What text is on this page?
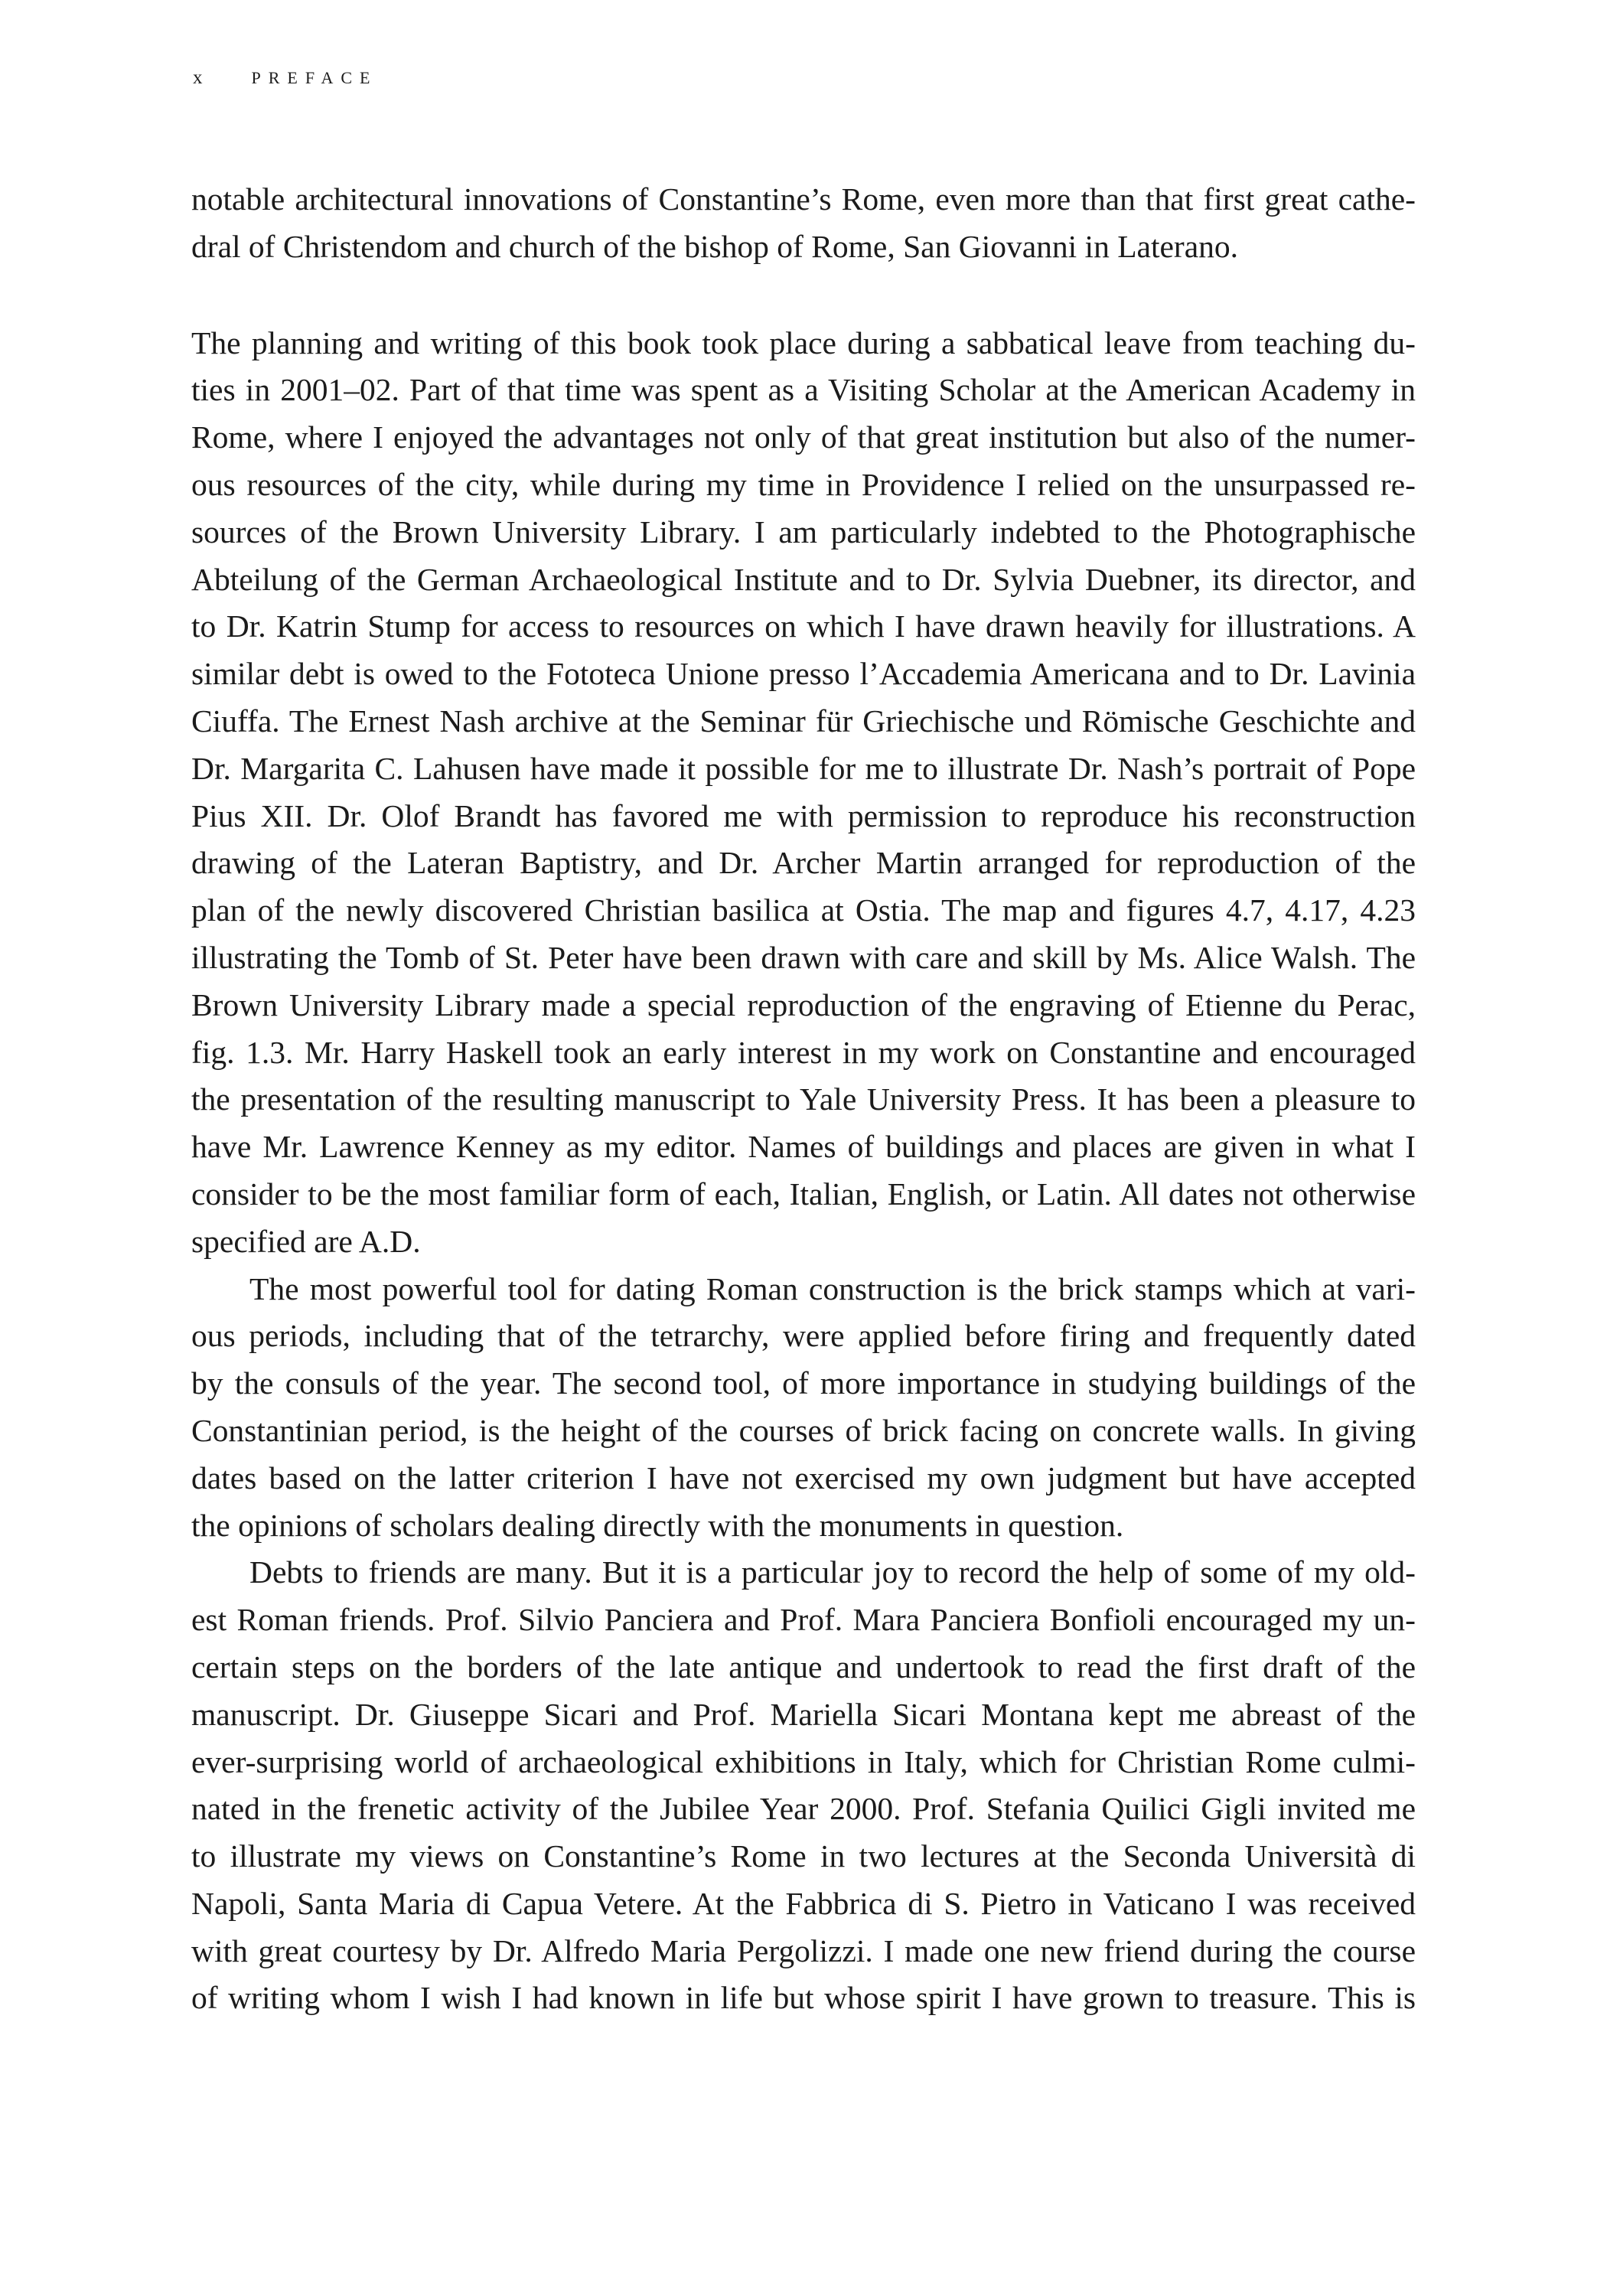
x	PREFACE
notable architectural innovations of Constantine’s Rome, even more than that first great cathe-
dral of Christendom and church of the bishop of Rome, San Giovanni in Laterano.
The planning and writing of this book took place during a sabbatical leave from teaching du-
ties in 2001–02. Part of that time was spent as a Visiting Scholar at the American Academy in
Rome, where I enjoyed the advantages not only of that great institution but also of the numer-
ous resources of the city, while during my time in Providence I relied on the unsurpassed re-
sources of the Brown University Library. I am particularly indebted to the Photographische
Abteilung of the German Archaeological Institute and to Dr. Sylvia Duebner, its director, and
to Dr. Katrin Stump for access to resources on which I have drawn heavily for illustrations. A
similar debt is owed to the Fototeca Unione presso l’Accademia Americana and to Dr. Lavinia
Ciuffa. The Ernest Nash archive at the Seminar für Griechische und Römische Geschichte and
Dr. Margarita C. Lahusen have made it possible for me to illustrate Dr. Nash’s portrait of Pope
Pius XII. Dr. Olof Brandt has favored me with permission to reproduce his reconstruction
drawing of the Lateran Baptistry, and Dr. Archer Martin arranged for reproduction of the
plan of the newly discovered Christian basilica at Ostia. The map and figures 4.7, 4.17, 4.23
illustrating the Tomb of St. Peter have been drawn with care and skill by Ms. Alice Walsh. The
Brown University Library made a special reproduction of the engraving of Etienne du Perac,
fig. 1.3. Mr. Harry Haskell took an early interest in my work on Constantine and encouraged
the presentation of the resulting manuscript to Yale University Press. It has been a pleasure to
have Mr. Lawrence Kenney as my editor. Names of buildings and places are given in what I
consider to be the most familiar form of each, Italian, English, or Latin. All dates not otherwise
specified are A.D.
The most powerful tool for dating Roman construction is the brick stamps which at vari-
ous periods, including that of the tetrarchy, were applied before firing and frequently dated
by the consuls of the year. The second tool, of more importance in studying buildings of the
Constantinian period, is the height of the courses of brick facing on concrete walls. In giving
dates based on the latter criterion I have not exercised my own judgment but have accepted
the opinions of scholars dealing directly with the monuments in question.
Debts to friends are many. But it is a particular joy to record the help of some of my old-
est Roman friends. Prof. Silvio Panciera and Prof. Mara Panciera Bonfioli encouraged my un-
certain steps on the borders of the late antique and undertook to read the first draft of the
manuscript. Dr. Giuseppe Sicari and Prof. Mariella Sicari Montana kept me abreast of the
ever-surprising world of archaeological exhibitions in Italy, which for Christian Rome culmi-
nated in the frenetic activity of the Jubilee Year 2000. Prof. Stefania Quilici Gigli invited me
to illustrate my views on Constantine’s Rome in two lectures at the Seconda Università di
Napoli, Santa Maria di Capua Vetere. At the Fabbrica di S. Pietro in Vaticano I was received
with great courtesy by Dr. Alfredo Maria Pergolizzi. I made one new friend during the course
of writing whom I wish I had known in life but whose spirit I have grown to treasure. This is
